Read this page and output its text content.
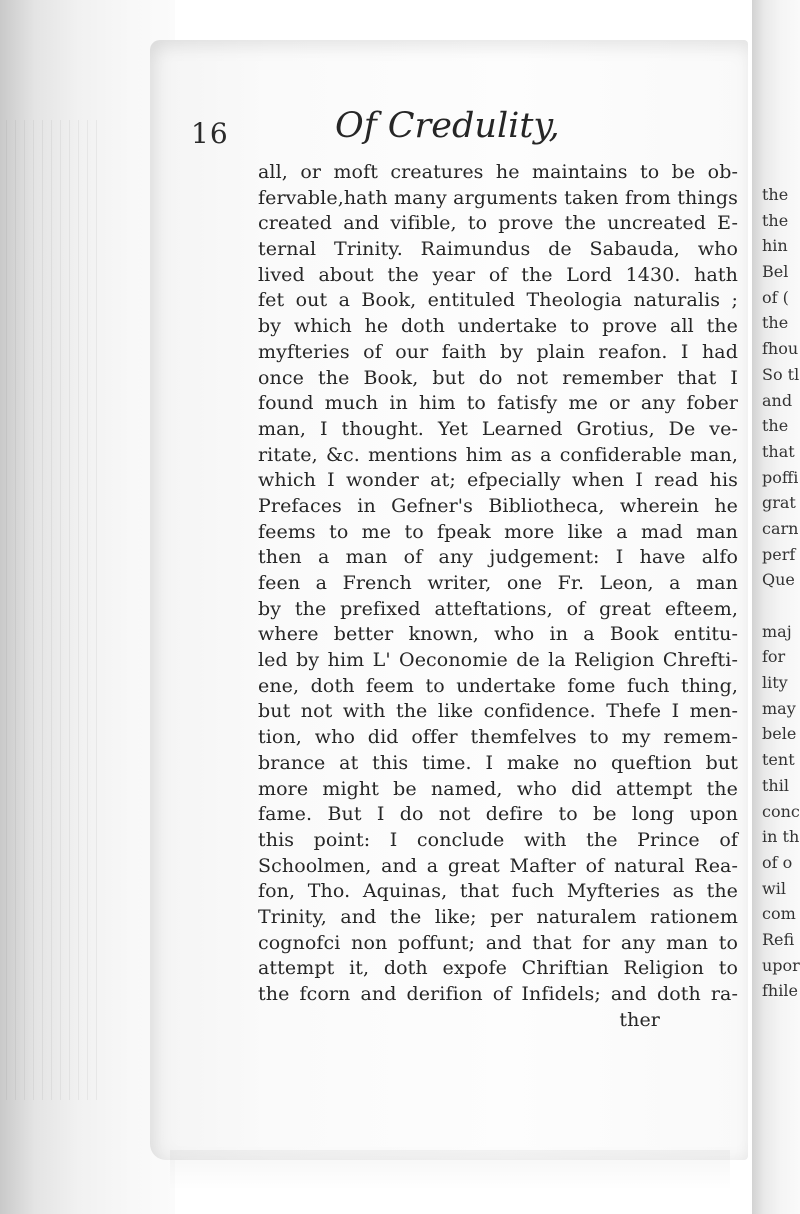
16	Of Credulity,
all, or moft creatures he maintains to be ob-
fervable,hath many arguments taken from things
created and vifible, to prove the uncreated E-
ternal Trinity. Raimundus de Sabauda, who
lived about the year of the Lord 1430. hath
fet out a Book, entituled Theologia naturalis ;
by which he doth undertake to prove all the
myfteries of our faith by plain reafon. I had
once the Book, but do not remember that I
found much in him to fatisfy me or any fober
man, I thought. Yet Learned Grotius, De ve-
ritate, &c. mentions him as a confiderable man,
which I wonder at; efpecially when I read his
Prefaces in Gefner's Bibliotheca, wherein he
feems to me to fpeak more like a mad man
then a man of any judgement: I have alfo
feen a French writer, one Fr. Leon, a man
by the prefixed atteftations, of great efteem,
where better known, who in a Book entitu-
led by him L' Oeconomie de la Religion Chrefti-
ene, doth feem to undertake fome fuch thing,
but not with the like confidence. Thefe I men-
tion, who did offer themfelves to my remem-
brance at this time. I make no queftion but
more might be named, who did attempt the
fame. But I do not defire to be long upon
this point: I conclude with the Prince of
Schoolmen, and a great Mafter of natural Rea-
fon, Tho. Aquinas, that fuch Myfteries as the
Trinity, and the like; per naturalem rationem
cognofci non poffunt; and that for any man to
attempt it, doth expofe Chriftian Religion to
the fcorn and derifion of Infidels; and doth ra-
ther
the
the
hin
Bel
of (
the
fhou
So tl
and
the
that
poffi
grat
carn
perf
Que
maj
for
lity
may
bele
tent
thil
conc
in th
of o
wil
com
Refi
upor
fhile
